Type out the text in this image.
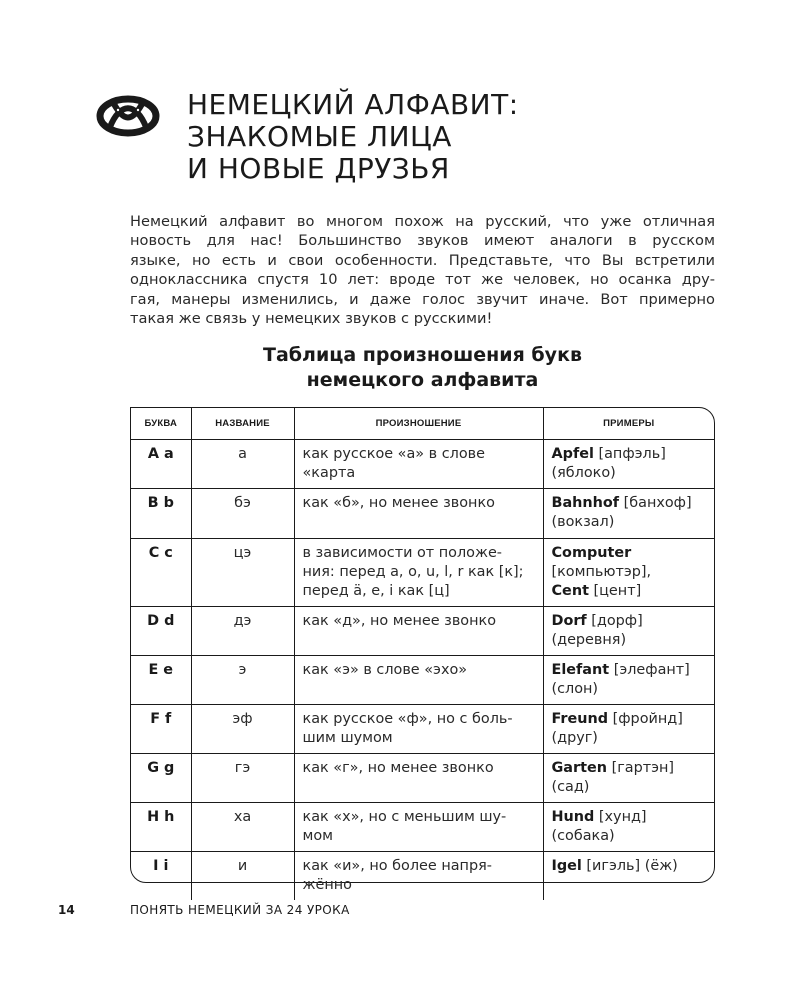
НЕМЕЦКИЙ АЛФАВИТ:
ЗНАКОМЫЕ ЛИЦА
И НОВЫЕ ДРУЗЬЯ

Немецкий алфавит во многом похож на русский, что уже отличная
новость для нас! Большинство звуков имеют аналоги в русском
языке, но есть и свои особенности. Представьте, что Вы встретили
одноклассника спустя 10 лет: вроде тот же человек, но осанка дру-
гая, манеры изменились, и даже голос звучит иначе. Вот примерно
такая же связь у немецких звуков с русскими!

Таблица произношения букв
немецкого алфавита
БУКВА	НАЗВАНИЕ	ПРОИЗНОШЕНИЕ	ПРИМЕРЫ
A a	а	как русское «а» в слове
«карта	Apfel [апфэль]
(яблоко)

B b	бэ	как «б», но менее звонко	Bahnhof [банхоф]
(вокзал)

C c	цэ	в зависимости от положе-
ния: перед a, o, u, l, r как [к];
перед ä, e, i как [ц]	Computer
[компьютэр],
Cent [цент]

D d	дэ	как «д», но менее звонко	Dorf [дорф]
(деревня)

E e	э	как «э» в слове «эхо»	Elefant [элефант]
(слон)

F f	эф	как русское «ф», но с боль-
шим шумом	Freund [фройнд]
(друг)

G g	гэ	как «г», но менее звонко	Garten [гартэн]
(сад)

H h	ха	как «х», но с меньшим шу-
мом	Hund [хунд]
(собака)

I i	и	как «и», но более напря-
жённо	Igel [игэль] (ёж)
14	ПОНЯТЬ НЕМЕЦКИЙ ЗА 24 УРОКА
